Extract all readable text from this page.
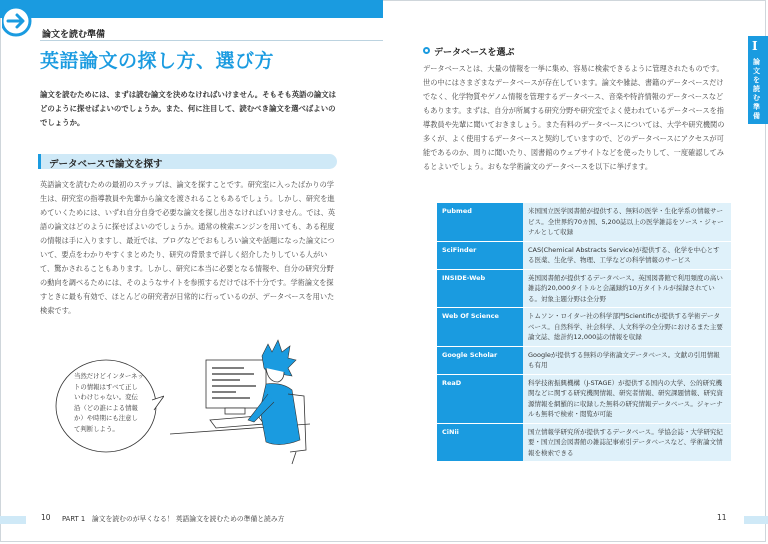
論文を読む準備
英語論文の探し方、選び方
論文を読むためには、まずは読む論文を決めなければいけません。そもそも英語の論文はどのように探せばよいのでしょうか。また、何に注目して、読むべき論文を選べばよいのでしょうか。
データベースで論文を探す
英語論文を読むための最初のステップは、論文を探すことです。研究室に入ったばかりの学生は、研究室の指導教員や先輩から論文を渡されることもあるでしょう。しかし、研究を進めていくためには、いずれ自分自身で必要な論文を探し出さなければいけません。では、英語の論文はどのように探せばよいのでしょうか。通常の検索エンジンを用いても、ある程度の情報は手に入りますし、最近では、ブログなどでおもしろい論文や話題になった論文について、要点をわかりやすくまとめたり、研究の背景まで詳しく紹介したりしている人がいて、驚かされることもあります。しかし、研究に本当に必要となる情報や、自分の研究分野の動向を調べるためには、そのようなサイトを参照するだけでは不十分です。学術論文を探すときに最も有効で、ほとんどの研究者が日常的に行っているのが、データベースを用いた検索です。
当然だけどインターネットの情報はすべて正しいわけじゃない。変伝沿（どの誰による情報か）や時期にも注意して判断しよう。
10 PART 1　論文を読むのが早くなる！ 英語論文を読むための準備と読み方
I
論文を読む準備
データベースを選ぶ
データベースとは、大量の情報を一挙に集め、容易に検索できるように管理されたものです。世の中にはさまざまなデータベースが存在しています。論文や雑誌、書籍のデータベースだけでなく、化学物質やゲノム情報を管理するデータベース、音楽や特許情報のデータベースなどもあります。まずは、自分が所属する研究分野や研究室でよく使われているデータベースを指導教員や先輩に聞いておきましょう。また有料のデータベースについては、大学や研究機関の多くが、よく使用するデータベースと契約していますので、どのデータベースにアクセスが可能であるのか、周りに聞いたり、図書館のウェブサイトなどを使ったりして、一度確認してみるとよいでしょう。おもな学術論文のデータベースを以下に挙げます。
Pubmed	米国国立医学図書館が提供する、無料の医学・生化学系の情報サービス。全世界約70カ国、5,200誌以上の医学雑誌をソース・ジャーナルとして収録
SciFinder	CAS(Chemical Abstracts Service)が提供する、化学を中心とする医薬、生化学、物理、工学などの科学情報のサービス
INSIDE-Web	英国図書館が提供するデータベース。英国図書館で利用頻度の高い雑誌約20,000タイトルと会議録約10万タイトルが採録されている。対象主題分野は全分野
Web Of Science	トムソン・ロイター社の科学部門Scientificが提供する学術データベース。自然科学、社会科学、人文科学の全分野におけるまた主要論文誌、総計約12,000誌の情報を収録
Google Scholar	Googleが提供する無料の学術論文データベース。文献の引用情報も有用
ReaD	科学技術振興機構（J-STAGE）が提供する国内の大学、公的研究機関などに関する研究機関情報、研究者情報、研究課題情報、研究資源情報を網羅的に収録した無料の研究情報データベース。ジャーナルも無料で検索・閲覧が可能
CiNii	国立情報学研究所が提供するデータベース。学協会誌・大学研究紀要・国立国会図書館の雑誌記事索引データベースなど、学術論文情報を検索できる
11
